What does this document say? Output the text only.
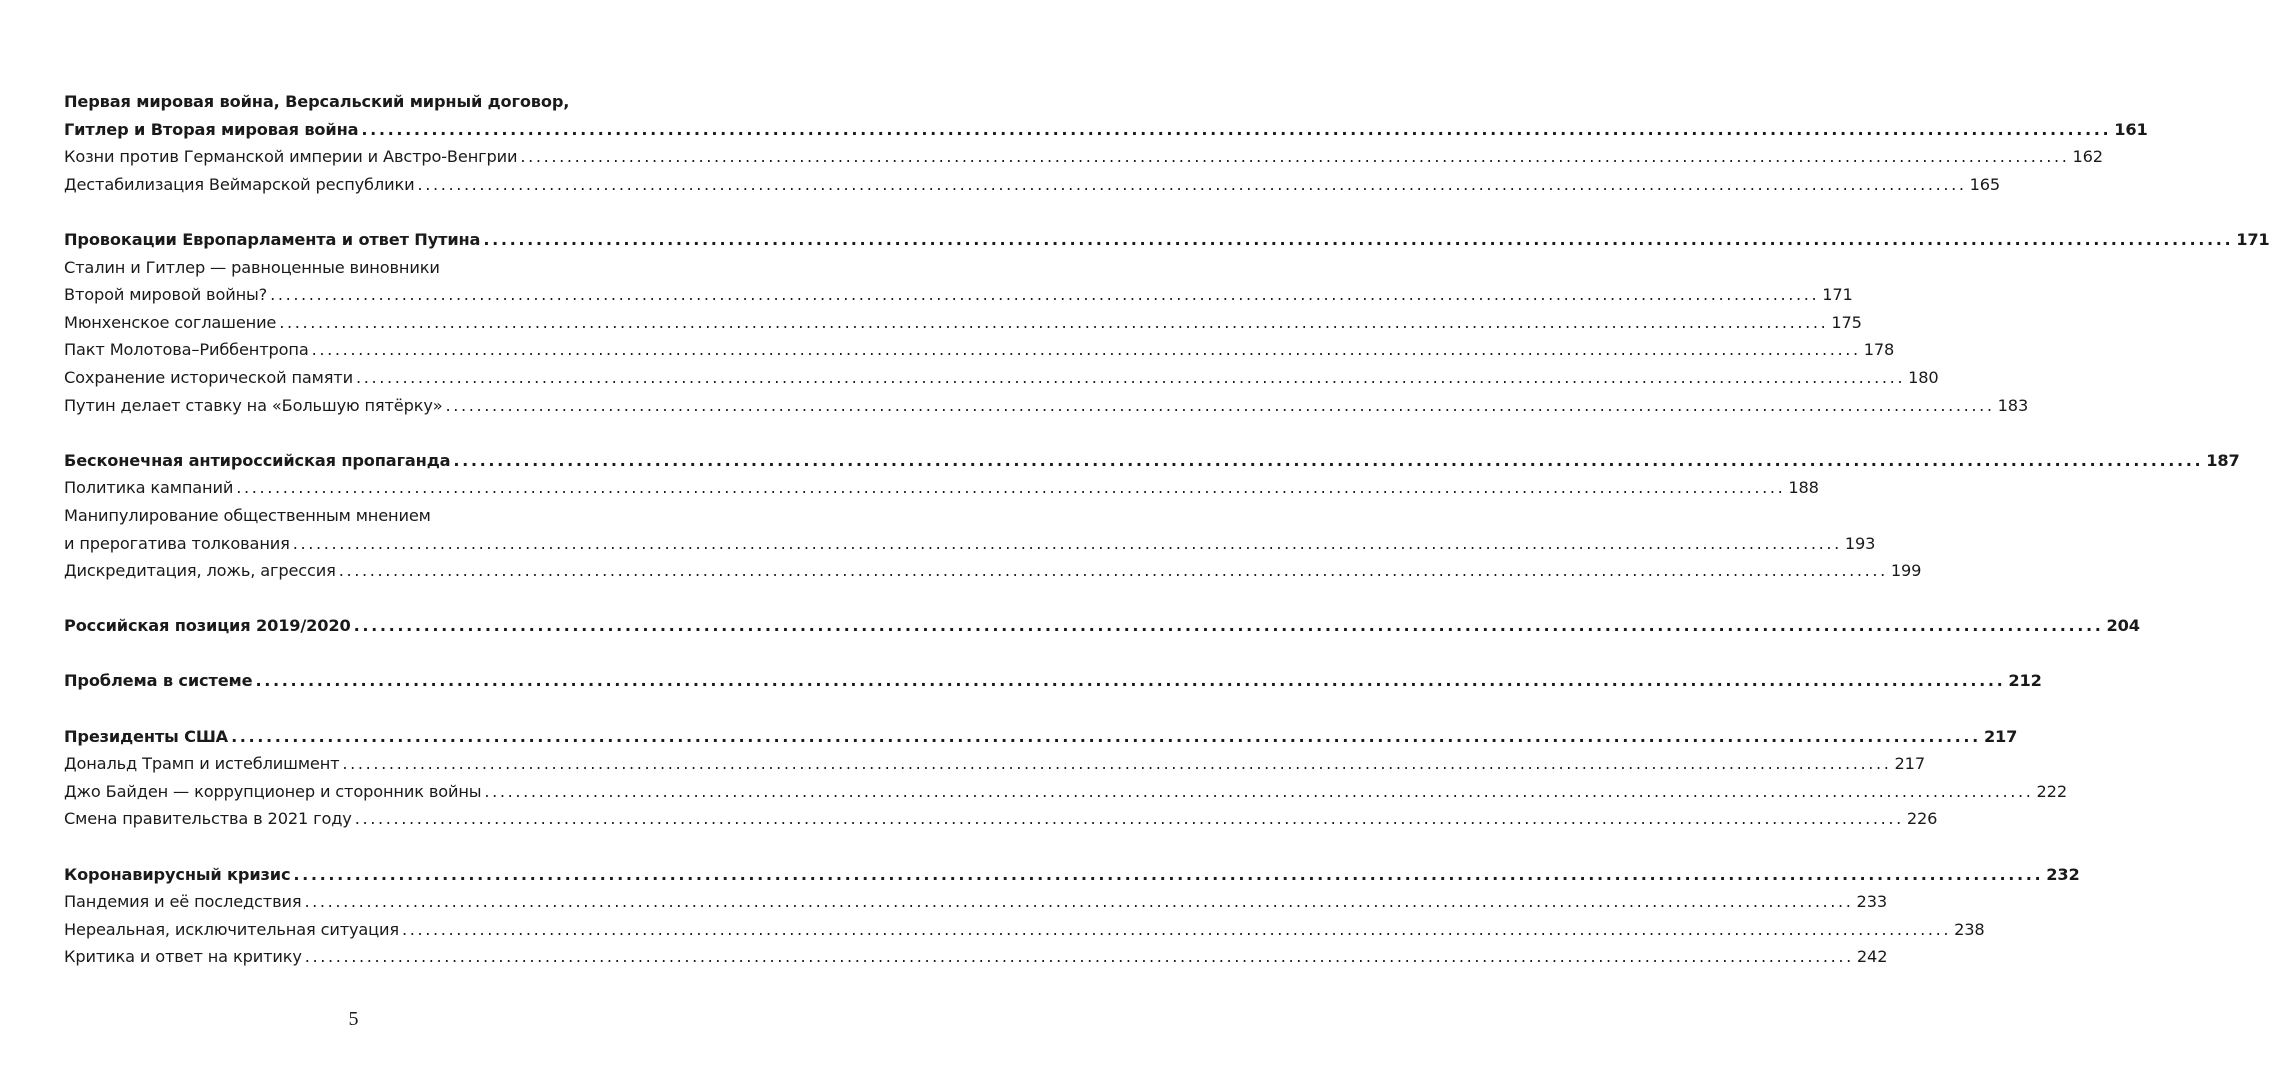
Первая мировая война, Версальский мирный договор,
Гитлер и Вторая мировая война ........................................................................................................................................................................................................ 161
Козни против Германской империи и Австро-Венгрии ........................................................................................................................................................................................................ 162
Дестабилизация Веймарской республики ........................................................................................................................................................................................................ 165
Провокации Европарламента и ответ Путина ........................................................................................................................................................................................................ 171
Сталин и Гитлер — равноценные виновники
Второй мировой войны? ........................................................................................................................................................................................................ 171
Мюнхенское соглашение ........................................................................................................................................................................................................ 175
Пакт Молотова–Риббентропа ........................................................................................................................................................................................................ 178
Сохранение исторической памяти ........................................................................................................................................................................................................ 180
Путин делает ставку на «Большую пятёрку» ........................................................................................................................................................................................................ 183
Бесконечная антироссийская пропаганда ........................................................................................................................................................................................................ 187
Политика кампаний ........................................................................................................................................................................................................ 188
Манипулирование общественным мнением
и прерогатива толкования ........................................................................................................................................................................................................ 193
Дискредитация, ложь, агрессия ........................................................................................................................................................................................................ 199
Российская позиция 2019/2020 ........................................................................................................................................................................................................ 204
Проблема в системе ........................................................................................................................................................................................................ 212
Президенты США ........................................................................................................................................................................................................ 217
Дональд Трамп и истеблишмент ........................................................................................................................................................................................................ 217
Джо Байден — коррупционер и сторонник войны ........................................................................................................................................................................................................ 222
Смена правительства в 2021 году ........................................................................................................................................................................................................ 226
Коронавирусный кризис ........................................................................................................................................................................................................ 232
Пандемия и её последствия ........................................................................................................................................................................................................ 233
Нереальная, исключительная ситуация ........................................................................................................................................................................................................ 238
Критика и ответ на критику ........................................................................................................................................................................................................ 242
5
